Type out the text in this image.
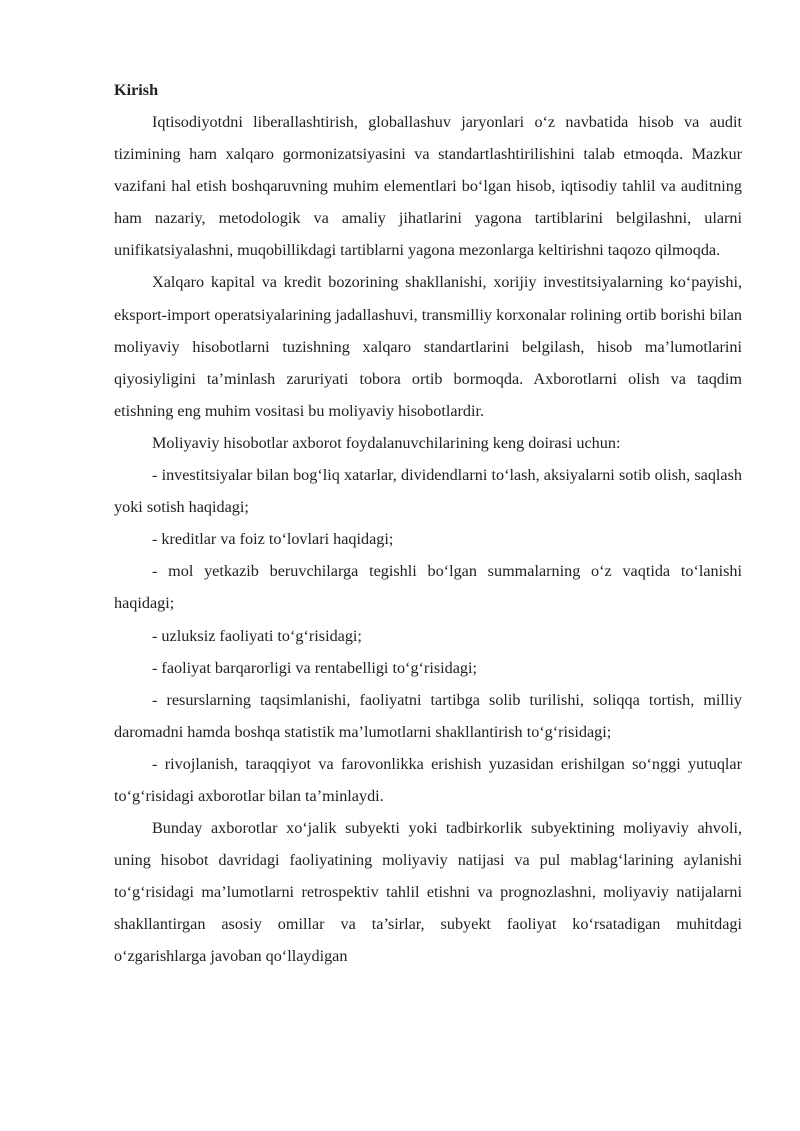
Kirish

Iqtisodiyotdni liberallashtirish, globallashuv jaryonlari o‘z navbatida hisob va audit tizimining ham xalqaro gormonizatsiyasini va standartlashtirilishini talab etmoqda. Mazkur vazifani hal etish boshqaruvning muhim elementlari bo‘lgan hisob, iqtisodiy tahlil va auditning ham nazariy, metodologik va amaliy jihatlarini yagona tartiblarini belgilashni, ularni unifikatsiyalashni, muqobillikdagi tartiblarni yagona mezonlarga keltirishni taqozo qilmoqda.

Xalqaro kapital va kredit bozorining shakllanishi, xorijiy investitsiyalarning ko‘payishi, eksport-import operatsiyalarining jadallashuvi, transmilliy korxonalar rolining ortib borishi bilan moliyaviy hisobotlarni tuzishning xalqaro standartlarini belgilash, hisob ma’lumotlarini qiyosiyligini ta’minlash zaruriyati tobora ortib bormoqda. Axborotlarni olish va taqdim etishning eng muhim vositasi bu moliyaviy hisobotlardir.

Moliyaviy hisobotlar axborot foydalanuvchilarining keng doirasi uchun:

- investitsiyalar bilan bog‘liq xatarlar, dividendlarni to‘lash, aksiyalarni sotib olish, saqlash yoki sotish haqidagi;

- kreditlar va foiz to‘lovlari haqidagi;

- mol yetkazib beruvchilarga tegishli bo‘lgan summalarning o‘z vaqtida to‘lanishi haqidagi;

- uzluksiz faoliyati to‘g‘risidagi;

- faoliyat barqarorligi va rentabelligi to‘g‘risidagi;

- resurslarning taqsimlanishi, faoliyatni tartibga solib turilishi, soliqqa tortish, milliy daromadni hamda boshqa statistik ma’lumotlarni shakllantirish to‘g‘risidagi;

- rivojlanish, taraqqiyot va farovonlikka erishish yuzasidan erishilgan so‘nggi yutuqlar to‘g‘risidagi axborotlar bilan ta’minlaydi.

Bunday axborotlar xo‘jalik subyekti yoki tadbirkorlik subyektining moliyaviy ahvoli, uning hisobot davridagi faoliyatining moliyaviy natijasi va pul mablag‘larining aylanishi to‘g‘risidagi ma’lumotlarni retrospektiv tahlil etishni va prognozlashni, moliyaviy natijalarni shakllantirgan asosiy omillar va ta’sirlar, subyekt faoliyat ko‘rsatadigan muhitdagi o‘zgarishlarga javoban qo‘llaydigan
